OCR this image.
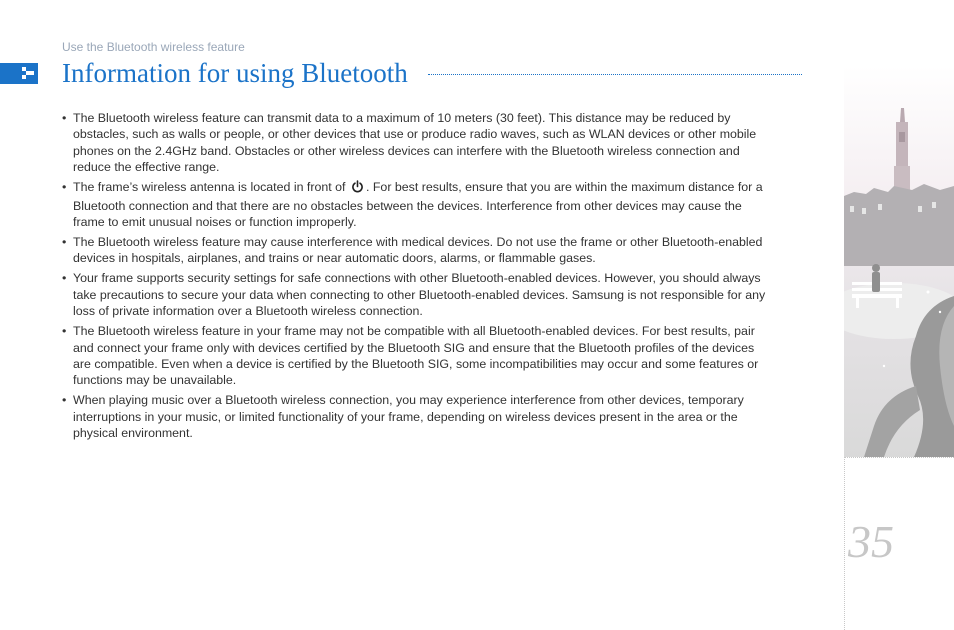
Use the Bluetooth wireless feature
Information for using Bluetooth
• The Bluetooth wireless feature can transmit data to a maximum of 10 meters (30 feet). This distance may be reduced by obstacles, such as walls or people, or other devices that use or produce radio waves, such as WLAN devices or other mobile phones on the 2.4GHz band. Obstacles or other wireless devices can interfere with the Bluetooth wireless connection and reduce the effective range.
• The frame’s wireless antenna is located in front of . For best results, ensure that you are within the maximum distance for a Bluetooth connection and that there are no obstacles between the devices. Interference from other devices may cause the frame to emit unusual noises or function improperly.
• The Bluetooth wireless feature may cause interference with medical devices. Do not use the frame or other Bluetooth-enabled devices in hospitals, airplanes, and trains or near automatic doors, alarms, or flammable gases.
• Your frame supports security settings for safe connections with other Bluetooth-enabled devices. However, you should always take precautions to secure your data when connecting to other Bluetooth-enabled devices. Samsung is not responsible for any loss of private information over a Bluetooth wireless connection.
• The Bluetooth wireless feature in your frame may not be compatible with all Bluetooth-enabled devices. For best results, pair and connect your frame only with devices certified by the Bluetooth SIG and ensure that the Bluetooth profiles of the devices are compatible. Even when a device is certified by the Bluetooth SIG, some incompatibilities may occur and some features or functions may be unavailable.
• When playing music over a Bluetooth wireless connection, you may experience interference from other devices, temporary interruptions in your music, or limited functionality of your frame, depending on wireless devices present in the area or the physical environment.
35
